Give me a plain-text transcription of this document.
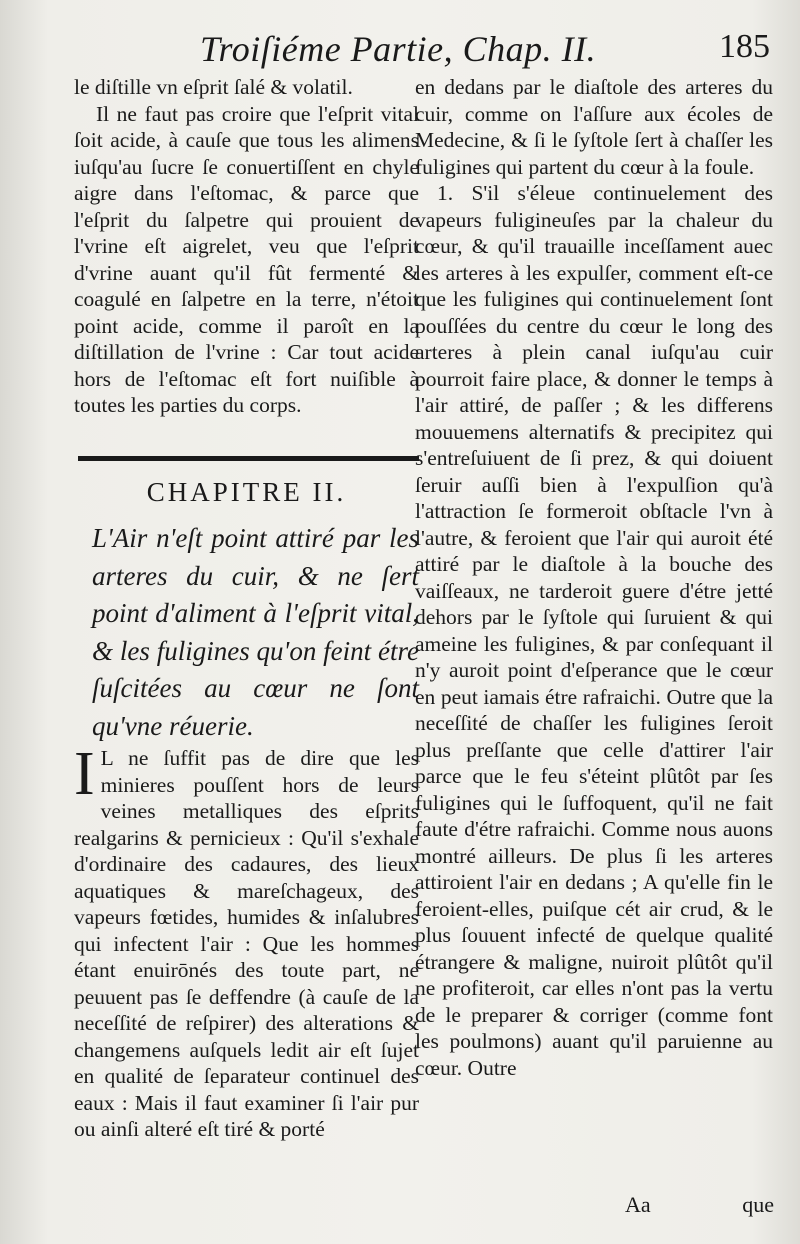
Troiſiéme Partie, Chap. II.	185

le diſtille vn eſprit ſalé & volatil.

Il ne faut pas croire que l'eſprit vital ſoit acide, à cauſe que tous les alimens iuſqu'au ſucre ſe conuertiſſent en chyle aigre dans l'eſtomac, & parce que l'eſprit du ſalpetre qui prouient de l'vrine eſt aigrelet, veu que l'eſprit d'vrine auant qu'il fût fermenté & coagulé en ſalpetre en la terre, n'étoit point acide, comme il paroît en la diſtillation de l'vrine : Car tout acide hors de l'eſtomac eſt fort nuiſible à toutes les parties du corps.

CHAPITRE II.

L'Air n'eſt point attiré par les arteres du cuir, & ne ſert point d'aliment à l'eſprit vital, & les fuligines qu'on feint étre ſuſcitées au cœur ne ſont qu'vne réuerie.

I L ne ſuffit pas de dire que les minieres pouſſent hors de leurs veines metalliques des eſprits realgarins & pernicieux : Qu'il s'exhale d'ordinaire des cadaures, des lieux aquatiques & mareſchageux, des vapeurs fœtides, humides & inſalubres qui infectent l'air : Que les hommes étant enuirōnés des toute part, ne peuuent pas ſe deffendre (à cauſe de la neceſſité de reſpirer) des alterations & changemens auſquels ledit air eſt ſujet en qualité de ſeparateur continuel des eaux : Mais il faut examiner ſi l'air pur ou ainſi alteré eſt tiré & porté

en dedans par le diaſtole des arteres du cuir, comme on l'aſſure aux écoles de Medecine, & ſi le ſyſtole ſert à chaſſer les fuligines qui partent du cœur à la foule.

1. S'il s'éleue continuelement des vapeurs fuligineuſes par la chaleur du cœur, & qu'il trauaille inceſſament auec les arteres à les expulſer, comment eſt-ce que les fuligines qui continuelement ſont pouſſées du centre du cœur le long des arteres à plein canal iuſqu'au cuir pourroit faire place, & donner le temps à l'air attiré, de paſſer ; & les differens mouuemens alternatifs & precipitez qui s'entreſuiuent de ſi prez, & qui doiuent ſeruir auſſi bien à l'expulſion qu'à l'attraction ſe formeroit obſtacle l'vn à l'autre, & feroient que l'air qui auroit été attiré par le diaſtole à la bouche des vaiſſeaux, ne tarderoit guere d'étre jetté dehors par le ſyſtole qui ſuruient & qui ameine les fuligines, & par conſequant il n'y auroit point d'eſperance que le cœur en peut iamais étre rafraichi. Outre que la neceſſité de chaſſer les fuligines ſeroit plus preſſante que celle d'attirer l'air parce que le feu s'éteint plûtôt par ſes fuligines qui le ſuffoquent, qu'il ne fait faute d'étre rafraichi. Comme nous auons montré ailleurs. De plus ſi les arteres attiroient l'air en dedans ; A qu'elle fin le feroient-elles, puiſque cét air crud, & le plus ſouuent infecté de quelque qualité étrangere & maligne, nuiroit plûtôt qu'il ne profiteroit, car elles n'ont pas la vertu de le preparer & corriger (comme font les poulmons) auant qu'il paruienne au cœur. Outre

Aa	que
